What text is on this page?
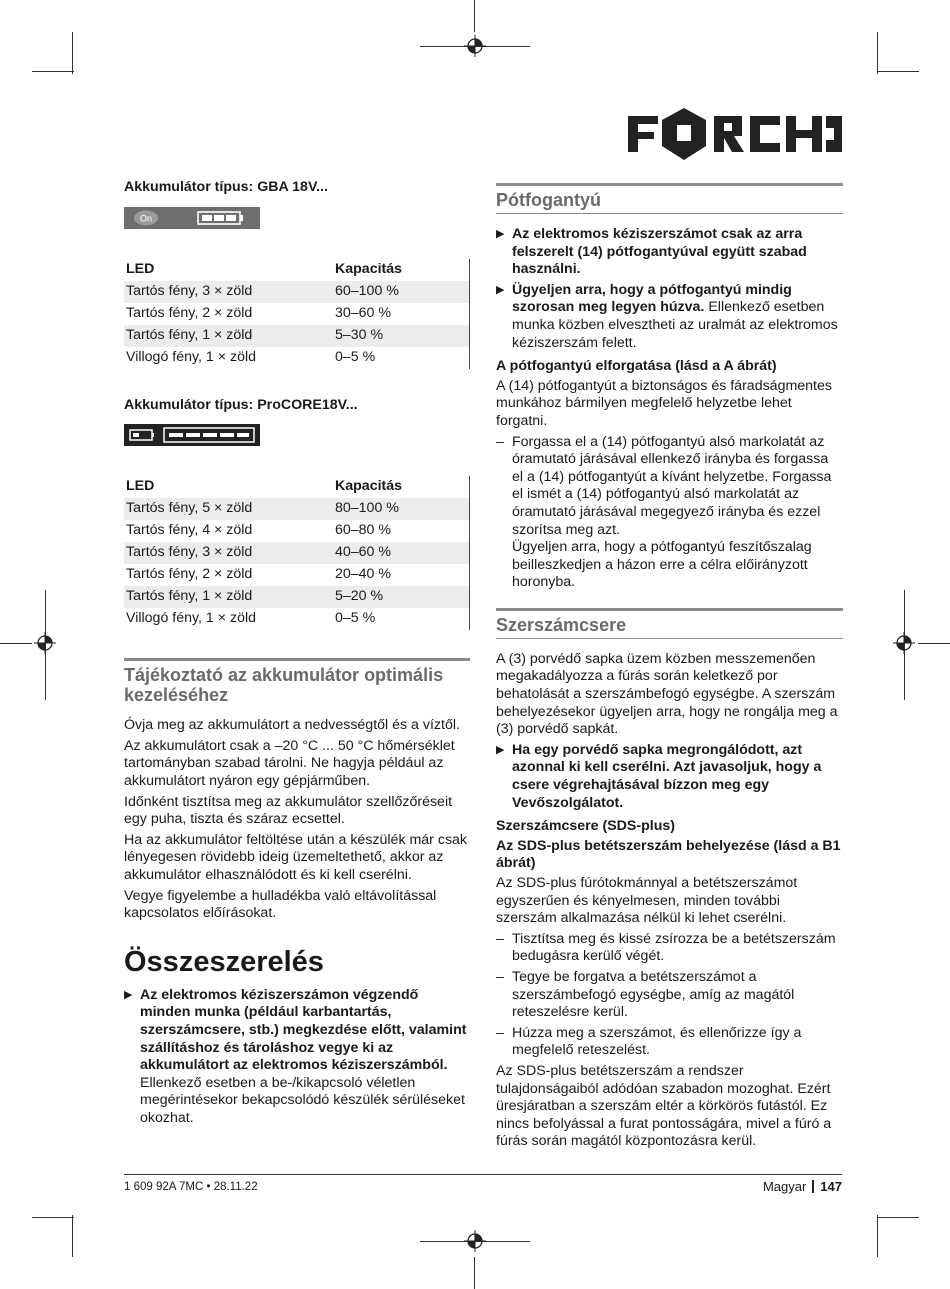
Akkumulátor típus: GBA 18V...

On
LED	Kapacitás
Tartós fény, 3 × zöld	60–100 %
Tartós fény, 2 × zöld	30–60 %
Tartós fény, 1 × zöld	5–30 %
Villogó fény, 1 × zöld	0–5 %

Akkumulátor típus: ProCORE18V...

LED	Kapacitás
Tartós fény, 5 × zöld	80–100 %
Tartós fény, 4 × zöld	60–80 %
Tartós fény, 3 × zöld	40–60 %
Tartós fény, 2 × zöld	20–40 %
Tartós fény, 1 × zöld	5–20 %
Villogó fény, 1 × zöld	0–5 %
Tájékoztató az akkumulátor optimális kezeléséhez

Óvja meg az akkumulátort a nedvességtől és a víztől.

Az akkumulátort csak a –20 °C ... 50 °C hőmérséklet tartományban szabad tárolni. Ne hagyja például az akkumulátort nyáron egy gépjárműben.

Időnként tisztítsa meg az akkumulátor szellőzőréseit egy puha, tiszta és száraz ecsettel.

Ha az akkumulátor feltöltése után a készülék már csak lényegesen rövidebb ideig üzemeltethető, akkor az akkumulátor elhasználódott és ki kell cserélni.

Vegye figyelembe a hulladékba való eltávolítással kapcsolatos előírásokat.

Összeszerelés
▶ Az elektromos kéziszerszámon végzendő minden munka (például karbantartás, szerszámcsere, stb.) megkezdése előtt, valamint szállításhoz és tároláshoz vegye ki az akkumulátort az elektromos kéziszerszámból. Ellenkező esetben a be-/kikapcsoló véletlen megérintésekor bekapcsolódó készülék sérüléseket okozhat.
Pótfogantyú
▶ Az elektromos kéziszerszámot csak az arra felszerelt (14) pótfogantyúval együtt szabad használni.
▶ Ügyeljen arra, hogy a pótfogantyú mindig szorosan meg legyen húzva. Ellenkező esetben munka közben elvesztheti az uralmát az elektromos kéziszerszám felett.

A pótfogantyú elforgatása (lásd a A ábrát)

A (14) pótfogantyút a biztonságos és fáradságmentes munkához bármilyen megfelelő helyzetbe lehet forgatni.

– Forgassa el a (14) pótfogantyú alsó markolatát az óramutató járásával ellenkező irányba és forgassa el a (14) pótfogantyút a kívánt helyzetbe. Forgassa el ismét a (14) pótfogantyú alsó markolatát az óramutató járásával megegyező irányba és ezzel szorítsa meg azt.
Ügyeljen arra, hogy a pótfogantyú feszítőszalag beilleszkedjen a házon erre a célra előirányzott horonyba.
Szerszámcsere

A (3) porvédő sapka üzem közben messzemenően megakadályozza a fúrás során keletkező por behatolását a szerszámbefogó egységbe. A szerszám behelyezésekor ügyeljen arra, hogy ne rongálja meg a (3) porvédő sapkát.

▶ Ha egy porvédő sapka megrongálódott, azt azonnal ki kell cserélni. Azt javasoljuk, hogy a csere végrehajtásával bízzon meg egy Vevőszolgálatot.

Szerszámcsere (SDS-plus)

Az SDS-plus betétszerszám behelyezése (lásd a B1 ábrát)

Az SDS-plus fúrótokmánnyal a betétszerszámot egyszerűen és kényelmesen, minden további szerszám alkalmazása nélkül ki lehet cserélni.

– Tisztítsa meg és kissé zsírozza be a betétszerszám bedugásra kerülő végét.
– Tegye be forgatva a betétszerszámot a szerszámbefogó egységbe, amíg az magától reteszelésre kerül.
– Húzza meg a szerszámot, és ellenőrizze így a megfelelő reteszelést.

Az SDS-plus betétszerszám a rendszer tulajdonságaiból adódóan szabadon mozoghat. Ezért üresjáratban a szerszám eltér a körkörös futástól. Ez nincs befolyással a furat pontosságára, mivel a fúró a fúrás során magától központozásra kerül.

1 609 92A 7MC • 28.11.22	Magyar 147
